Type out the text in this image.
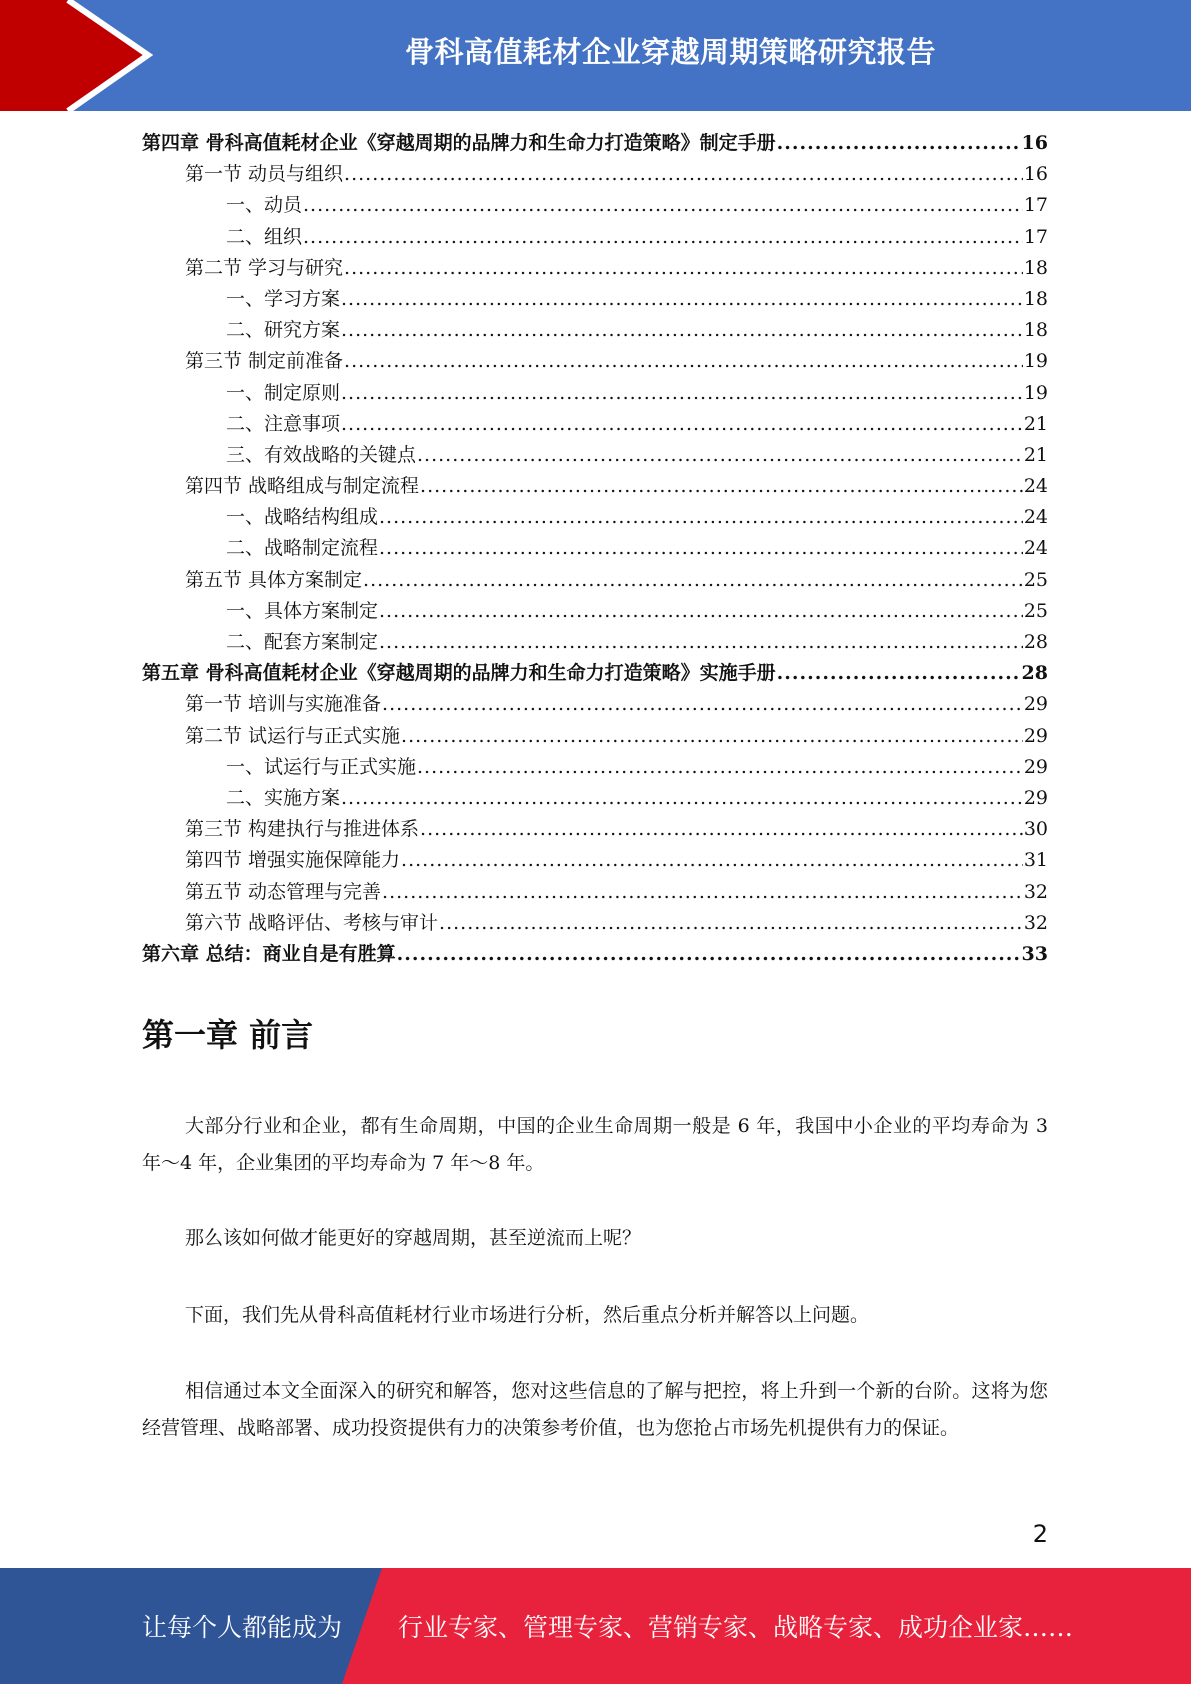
骨科高值耗材企业穿越周期策略研究报告
第四章 骨科高值耗材企业《穿越周期的品牌力和生命力打造策略》制定手册 .....	16
第一节 动员与组织 .....	16
一、动员 .....	17
二、组织 .....	17
第二节 学习与研究 .....	18
一、学习方案 .....	18
二、研究方案 .....	18
第三节 制定前准备 .....	19
一、制定原则 .....	19
二、注意事项 .....	21
三、有效战略的关键点 .....	21
第四节 战略组成与制定流程 .....	24
一、战略结构组成 .....	24
二、战略制定流程 .....	24
第五节 具体方案制定 .....	25
一、具体方案制定 .....	25
二、配套方案制定 .....	28
第五章 骨科高值耗材企业《穿越周期的品牌力和生命力打造策略》实施手册 .....	28
第一节 培训与实施准备 .....	29
第二节 试运行与正式实施 .....	29
一、试运行与正式实施 .....	29
二、实施方案 .....	29
第三节 构建执行与推进体系 .....	30
第四节 增强实施保障能力 .....	31
第五节 动态管理与完善 .....	32
第六节 战略评估、考核与审计 .....	32
第六章 总结：商业自是有胜算 .....	33
第一章 前言

大部分行业和企业，都有生命周期，中国的企业生命周期一般是 6 年，我国中小企业的平均寿命为 3 年～4 年，企业集团的平均寿命为 7 年～8 年。

那么该如何做才能更好的穿越周期，甚至逆流而上呢？

下面，我们先从骨科高值耗材行业市场进行分析，然后重点分析并解答以上问题。

相信通过本文全面深入的研究和解答，您对这些信息的了解与把控，将上升到一个新的台阶。这将为您经营管理、战略部署、成功投资提供有力的决策参考价值，也为您抢占市场先机提供有力的保证。

2
让每个人都能成为 行业专家、管理专家、营销专家、战略专家、成功企业家……
